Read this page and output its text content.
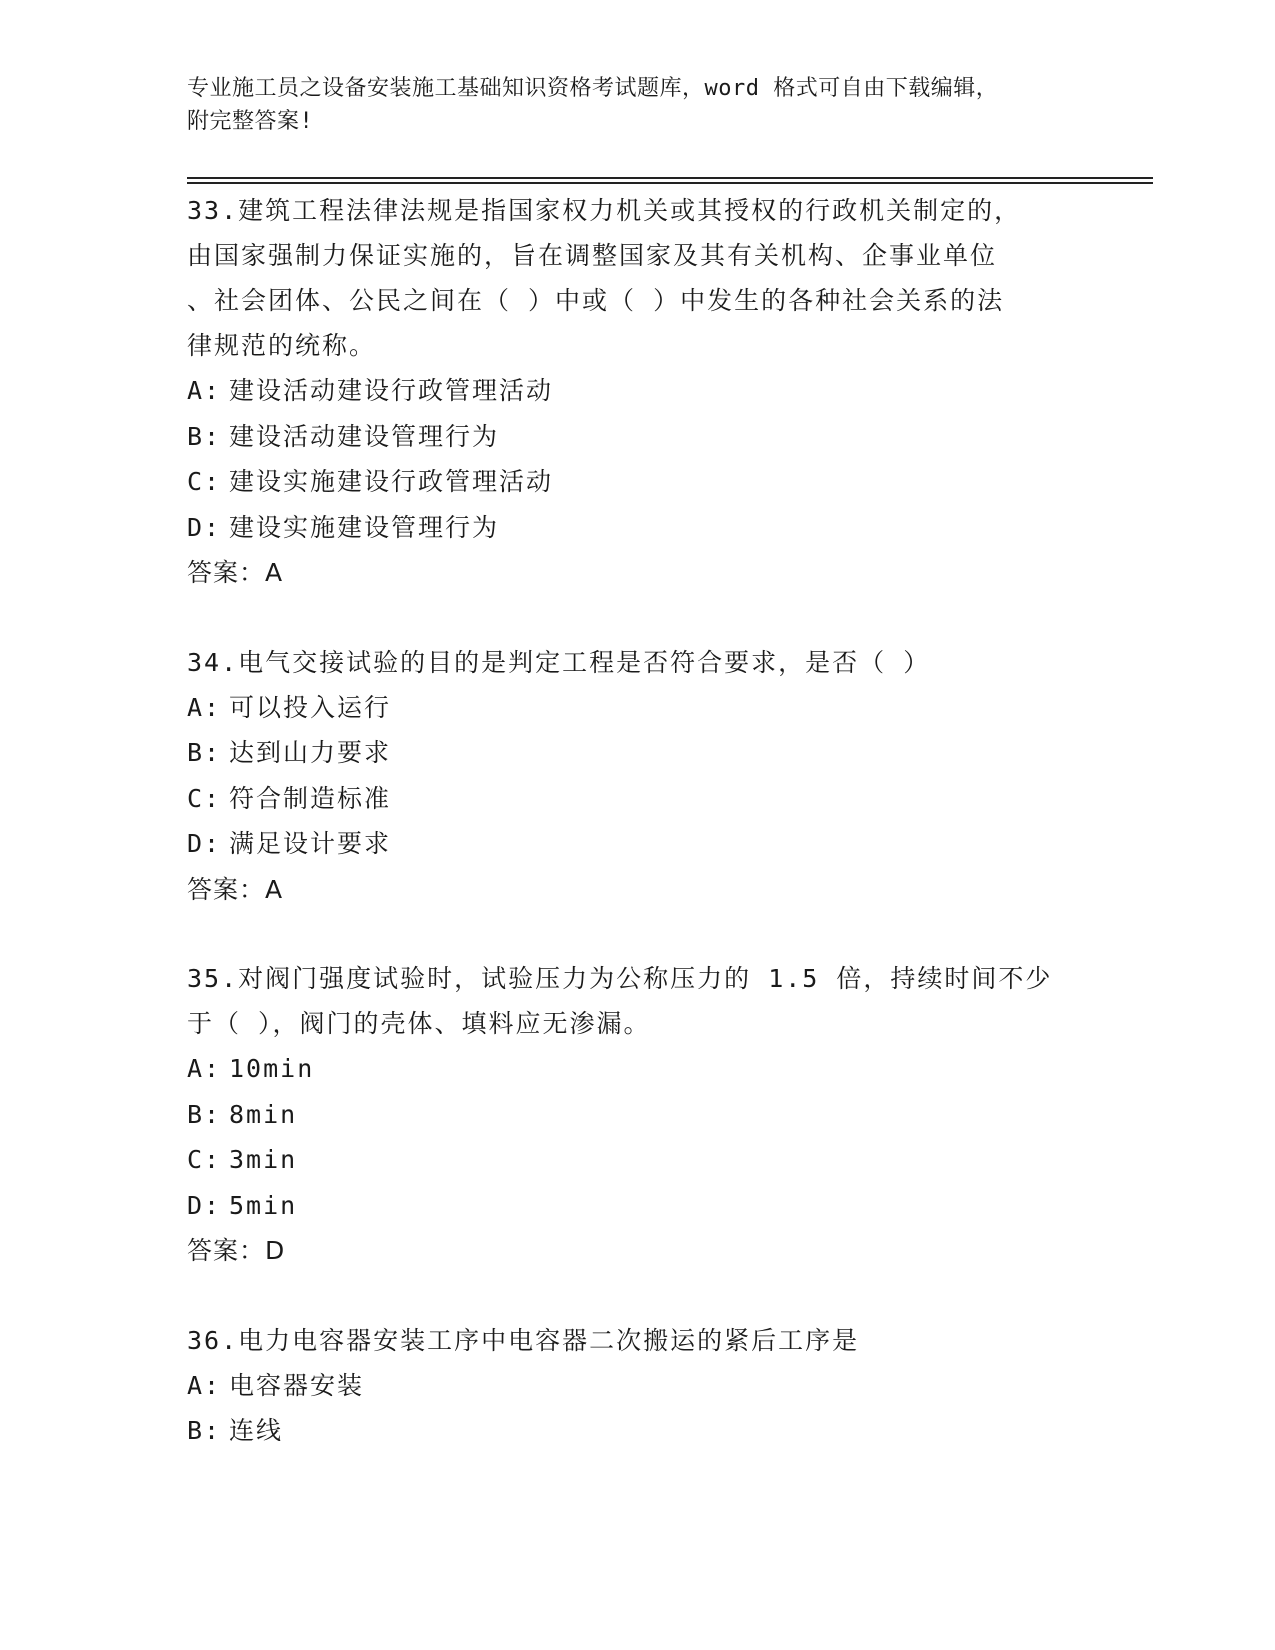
专业施工员之设备安装施工基础知识资格考试题库，word 格式可自由下载编辑，
附完整答案!
33.建筑工程法律法规是指国家权力机关或其授权的行政机关制定的，
由国家强制力保证实施的，旨在调整国家及其有关机构、企事业单位
、社会团体、公民之间在（ ）中或（ ）中发生的各种社会关系的法
律规范的统称。
A: 建设活动建设行政管理活动
B: 建设活动建设管理行为
C: 建设实施建设行政管理活动
D: 建设实施建设管理行为
答案：A
34.电气交接试验的目的是判定工程是否符合要求，是否（ ）
A: 可以投入运行
B: 达到山力要求
C: 符合制造标准
D: 满足设计要求
答案：A
35.对阀门强度试验时，试验压力为公称压力的 1.5 倍，持续时间不少
于（ ），阀门的壳体、填料应无渗漏。
A: 10min
B: 8min
C: 3min
D: 5min
答案：D
36.电力电容器安装工序中电容器二次搬运的紧后工序是
A: 电容器安装
B: 连线
